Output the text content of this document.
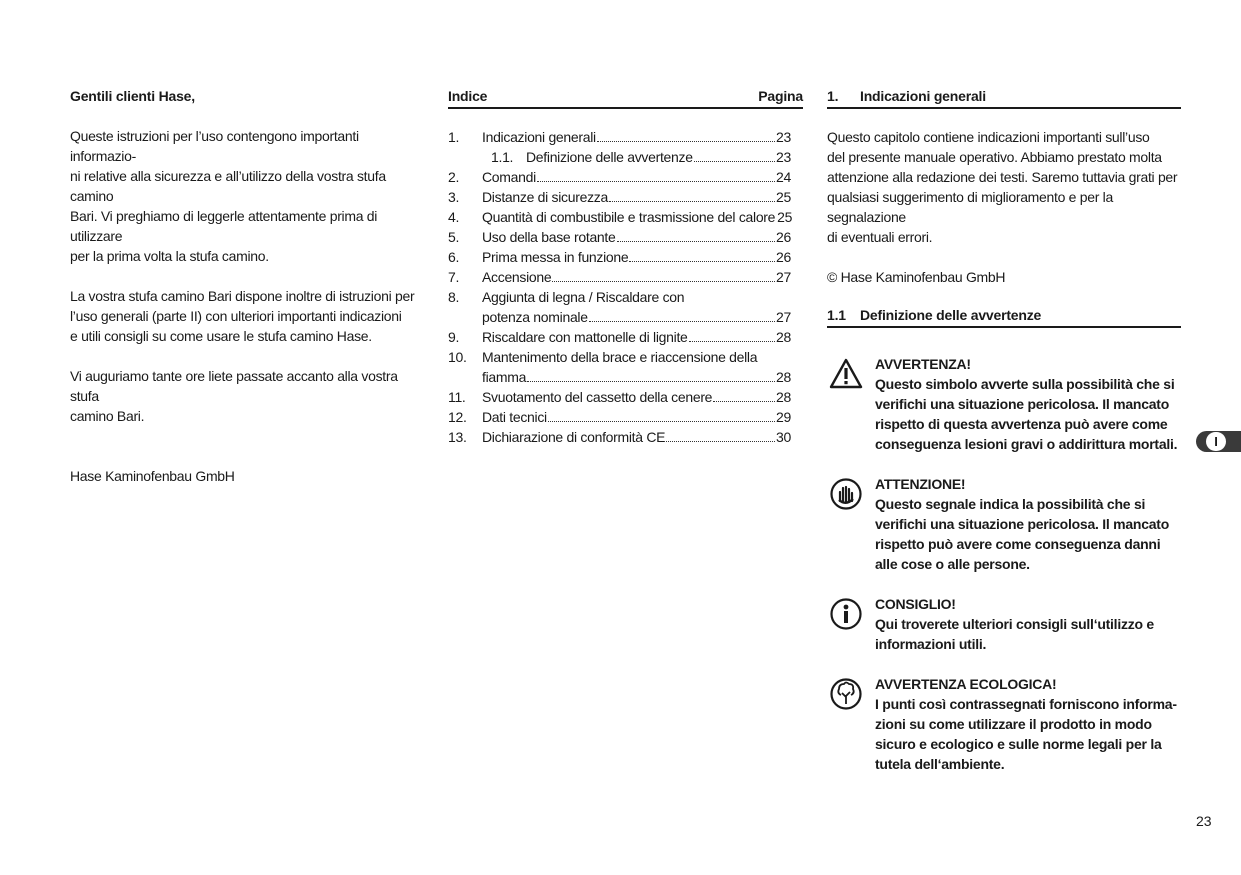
Gentili clienti Hase,

Queste istruzioni per l’uso contengono importanti informazio-
ni relative alla sicurezza e all’utilizzo della vostra stufa camino
Bari. Vi preghiamo di leggerle attentamente prima di utilizzare
per la prima volta la stufa camino.

La vostra stufa camino Bari dispone inoltre di istruzioni per
l’uso generali (parte II) con ulteriori importanti indicazioni
e utili consigli su come usare le stufa camino Hase.

Vi auguriamo tante ore liete passate accanto alla vostra stufa
camino Bari.

Hase Kaminofenbau GmbH

Indice	Pagina
1. Indicazioni generali	23
1.1. Definizione delle avvertenze	23
2. Comandi	24
3. Distanze di sicurezza	25
4. Quantità di combustibile e trasmissione del calore 25
5. Uso della base rotante	26
6. Prima messa in funzione	26
7. Accensione	27
8. Aggiunta di legna / Riscaldare con
potenza nominale	27
9. Riscaldare con mattonelle di lignite	28
10. Mantenimento della brace e riaccensione della
fiamma	28
11. Svuotamento del cassetto della cenere	28
12. Dati tecnici	29
13. Dichiarazione di conformità CE	30
1.	Indicazioni generali

Questo capitolo contiene indicazioni importanti sull’uso
del presente manuale operativo. Abbiamo prestato molta
attenzione alla redazione dei testi. Saremo tuttavia grati per
qualsiasi suggerimento di miglioramento e per la segnalazione
di eventuali errori.

© Hase Kaminofenbau GmbH

1.1	Definizione delle avvertenze

AVVERTENZA!

Questo simbolo avverte sulla possibilità che si
verifichi una situazione pericolosa. Il mancato
rispetto di questa avvertenza può avere come
conseguenza lesioni gravi o addirittura mortali.

ATTENZIONE!

Questo segnale indica la possibilità che si
verifichi una situazione pericolosa. Il mancato
rispetto può avere come conseguenza danni
alle cose o alle persone.

CONSIGLIO!

Qui troverete ulteriori consigli sull‘utilizzo e
informazioni utili.

AVVERTENZA ECOLOGICA!

I punti così contrassegnati forniscono informa-
zioni su come utilizzare il prodotto in modo
sicuro e ecologico e sulle norme legali per la
tutela dell‘ambiente.

I
23
